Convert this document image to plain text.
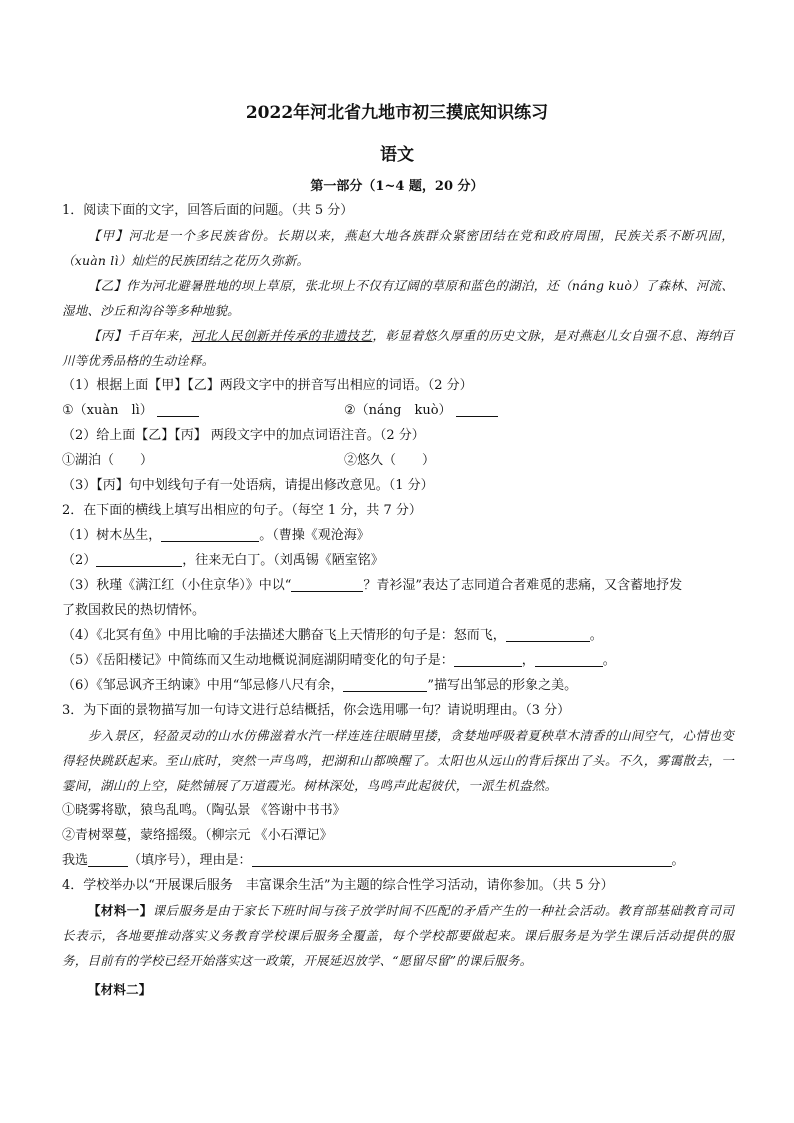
2022年河北省九地市初三摸底知识练习
语文
第一部分（1~4 题，20 分）
1．阅读下面的文字，回答后面的问题。（共 5 分）
【甲】河北是一个多民族省份。长期以来，燕赵大地各族群众紧密团结在党和政府周围，民族关系不断巩固，（xuàn lì）灿烂的民族团结之花历久弥新。
【乙】作为河北避暑胜地的坝上草原，张北坝上不仅有辽阔的草原和蓝色的湖泊，还（náng kuò）了森林、河流、湿地、沙丘和沟谷等多种地貌。
【丙】千百年来，河北人民创新并传承的非遗技艺，彰显着悠久厚重的历史文脉，是对燕赵儿女自强不息、海纳百川等优秀品格的生动诠释。
（1）根据上面【甲】【乙】两段文字中的拼音写出相应的词语。（2 分）
①（xuàn　lì）	②（náng　kuò）
（2）给上面【乙】【丙】 两段文字中的加点词语注音。（2 分）
①湖泊（　　）	②悠久（　　）
（3）【丙】句中划线句子有一处语病，请提出修改意见。（1 分）
2．在下面的横线上填写出相应的句子。（每空 1 分，共 7 分）
（1）树木丛生，	。（曹操《观沧海》
（2）	，往来无白丁。（刘禹锡《陋室铭》
（3）秋瑾《满江红（小住京华）》中以“	？青衫湿”表达了志同道合者难觅的悲痛，又含蓄地抒发
了救国救民的热切情怀。
（4）《北冥有鱼》中用比喻的手法描述大鹏奋飞上天情形的句子是：怒而飞，	。
（5）《岳阳楼记》中简练而又生动地概说洞庭湖阴晴变化的句子是：	，	。
（6）《邹忌讽齐王纳谏》中用“邹忌修八尺有余，	”描写出邹忌的形象之美。
3．为下面的景物描写加一句诗文进行总结概括，你会选用哪一句？请说明理由。（3 分）
步入景区，轻盈灵动的山水仿佛滋着水汽一样连连往眼睛里搂，贪婪地呼吸着夏秧草木清香的山间空气，心情也变得轻快跳跃起来。至山底时，突然一声鸟鸣，把湖和山都唤醒了。太阳也从远山的背后探出了头。不久，雾霭散去，一霎间，湖山的上空，陡然铺展了万道霞光。树林深处，鸟鸣声此起彼伏，一派生机盎然。
①晓雾将歇，猿鸟乱鸣。（陶弘景 《答谢中书书》
②青树翠蔓，蒙络摇缀。（柳宗元 《小石潭记》
我选	（填序号），理由是：	。
4．学校举办以“开展课后服务　丰富课余生活”为主题的综合性学习活动，请你参加。（共 5 分）
【材料一】课后服务是由于家长下班时间与孩子放学时间不匹配的矛盾产生的一种社会活动。教育部基础教育司司长表示，各地要推动落实义务教育学校课后服务全覆盖，每个学校都要做起来。课后服务是为学生课后活动提供的服务，目前有的学校已经开始落实这一政策，开展延迟放学、“愿留尽留”的课后服务。
【材料二】
